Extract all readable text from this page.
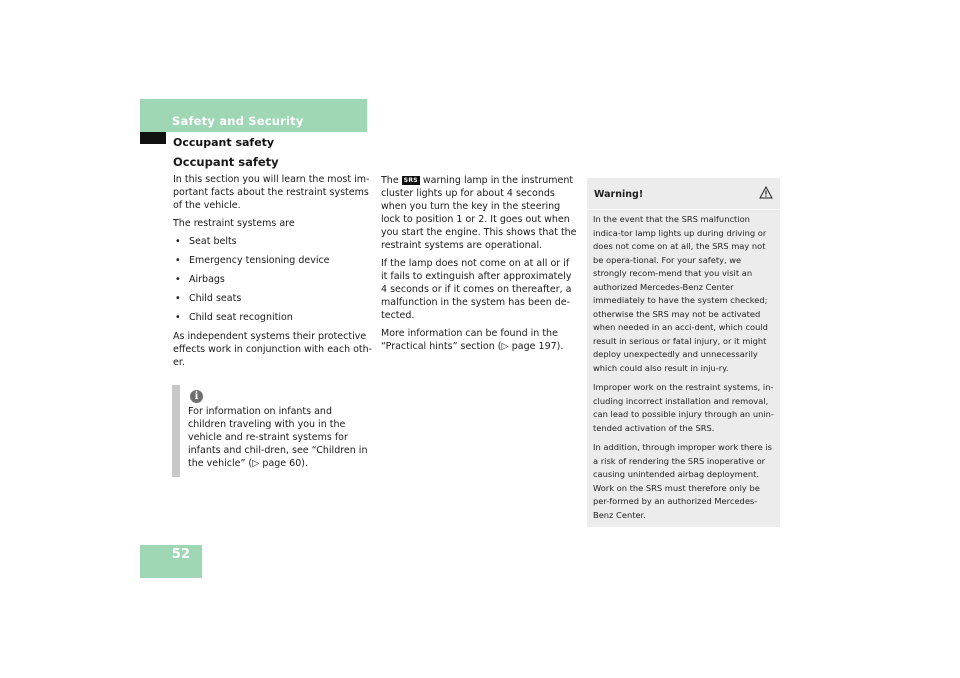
Safety and Security
Occupant safety
Occupant safety

In this section you will learn the most im-portant facts about the restraint systems of the vehicle.

The restraint systems are

• Seat belts
• Emergency tensioning device
• Airbags
• Child seats
• Child seat recognition

As independent systems their protective effects work in conjunction with each oth-er.

i
For information on infants and children traveling with you in the vehicle and re-straint systems for infants and chil-dren, see “Children in the vehicle” (▷ page 60).

The SRS warning lamp in the instrument cluster lights up for about 4 seconds when you turn the key in the steering lock to position 1 or 2. It goes out when you start the engine. This shows that the restraint systems are operational.

If the lamp does not come on at all or if it fails to extinguish after approximately 4 seconds or if it comes on thereafter, a malfunction in the system has been de-tected.

More information can be found in the “Practical hints” section (▷ page 197).

Warning!

In the event that the SRS malfunction indica-tor lamp lights up during driving or does not come on at all, the SRS may not be opera-tional. For your safety, we strongly recom-mend that you visit an authorized Mercedes-Benz Center immediately to have the system checked; otherwise the SRS may not be activated when needed in an acci-dent, which could result in serious or fatal injury, or it might deploy unexpectedly and unnecessarily which could also result in inju-ry.

Improper work on the restraint systems, in-cluding incorrect installation and removal, can lead to possible injury through an unin-tended activation of the SRS.

In addition, through improper work there is a risk of rendering the SRS inoperative or causing unintended airbag deployment. Work on the SRS must therefore only be per-formed by an authorized Mercedes-Benz Center.

52
